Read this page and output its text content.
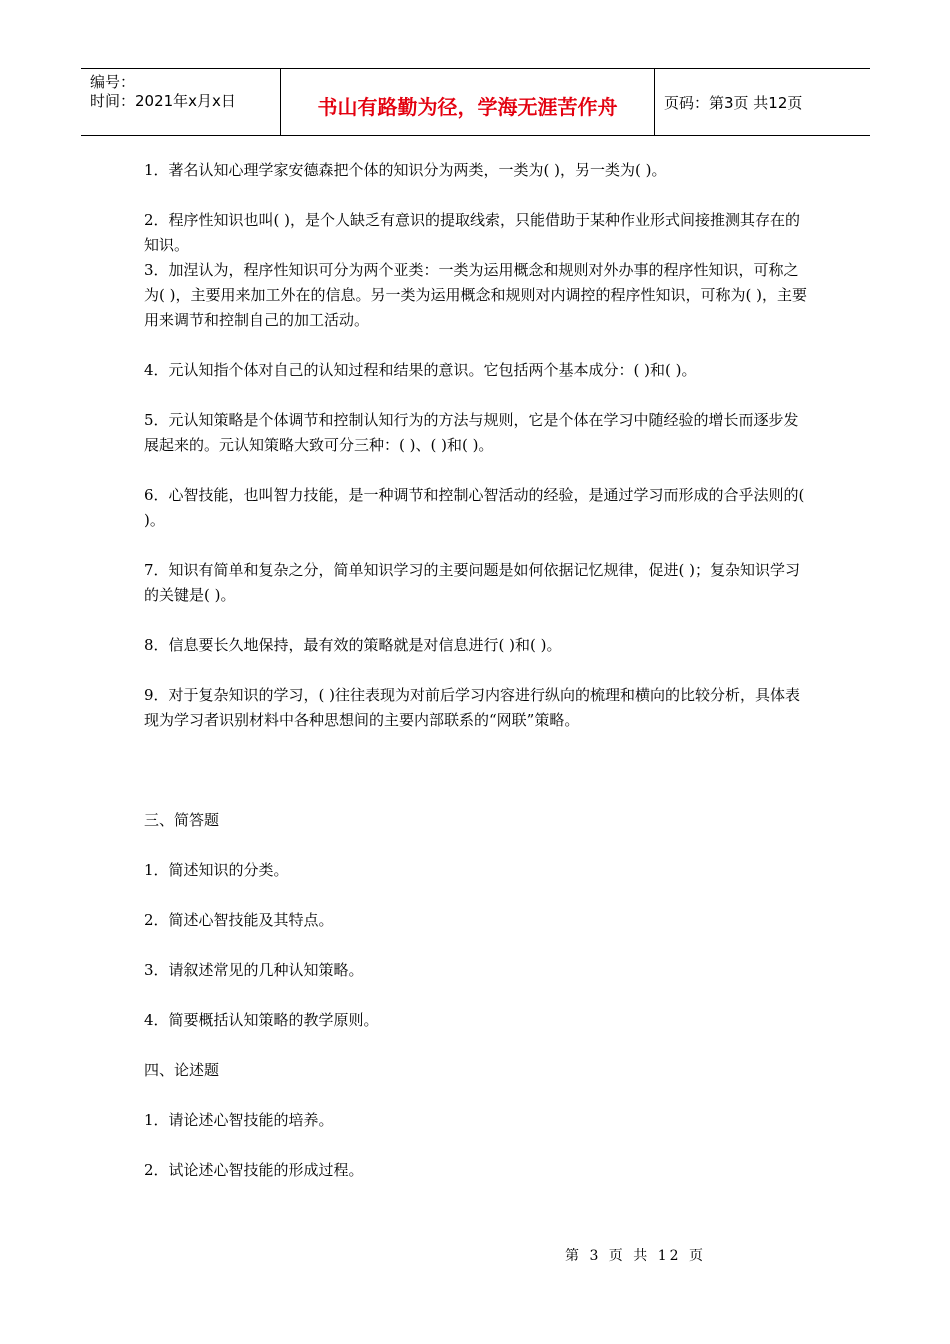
编号：
时间：2021年x月x日	书山有路勤为径，学海无涯苦作舟	页码：第3页 共12页

1．著名认知心理学家安德森把个体的知识分为两类，一类为( )，另一类为( )。

2．程序性知识也叫( )，是个人缺乏有意识的提取线索，只能借助于某种作业形式间接推测其存在的知识。

3．加涅认为，程序性知识可分为两个亚类：一类为运用概念和规则对外办事的程序性知识，可称之为( )，主要用来加工外在的信息。另一类为运用概念和规则对内调控的程序性知识，可称为( )，主要用来调节和控制自己的加工活动。

4．元认知指个体对自己的认知过程和结果的意识。它包括两个基本成分：( )和( )。

5．元认知策略是个体调节和控制认知行为的方法与规则，它是个体在学习中随经验的增长而逐步发展起来的。元认知策略大致可分三种：( )、( )和( )。

6．心智技能，也叫智力技能，是一种调节和控制心智活动的经验，是通过学习而形成的合乎法则的( )。

7．知识有简单和复杂之分，简单知识学习的主要问题是如何依据记忆规律，促进( )；复杂知识学习的关键是( )。

8．信息要长久地保持，最有效的策略就是对信息进行( )和( )。

9．对于复杂知识的学习，( )往往表现为对前后学习内容进行纵向的梳理和横向的比较分析，具体表现为学习者识别材料中各种思想间的主要内部联系的“网联”策略。

三、简答题

1．简述知识的分类。

2．简述心智技能及其特点。

3．请叙述常见的几种认知策略。

4．简要概括认知策略的教学原则。

四、论述题

1．请论述心智技能的培养。

2．试论述心智技能的形成过程。

第 3 页 共 12 页
